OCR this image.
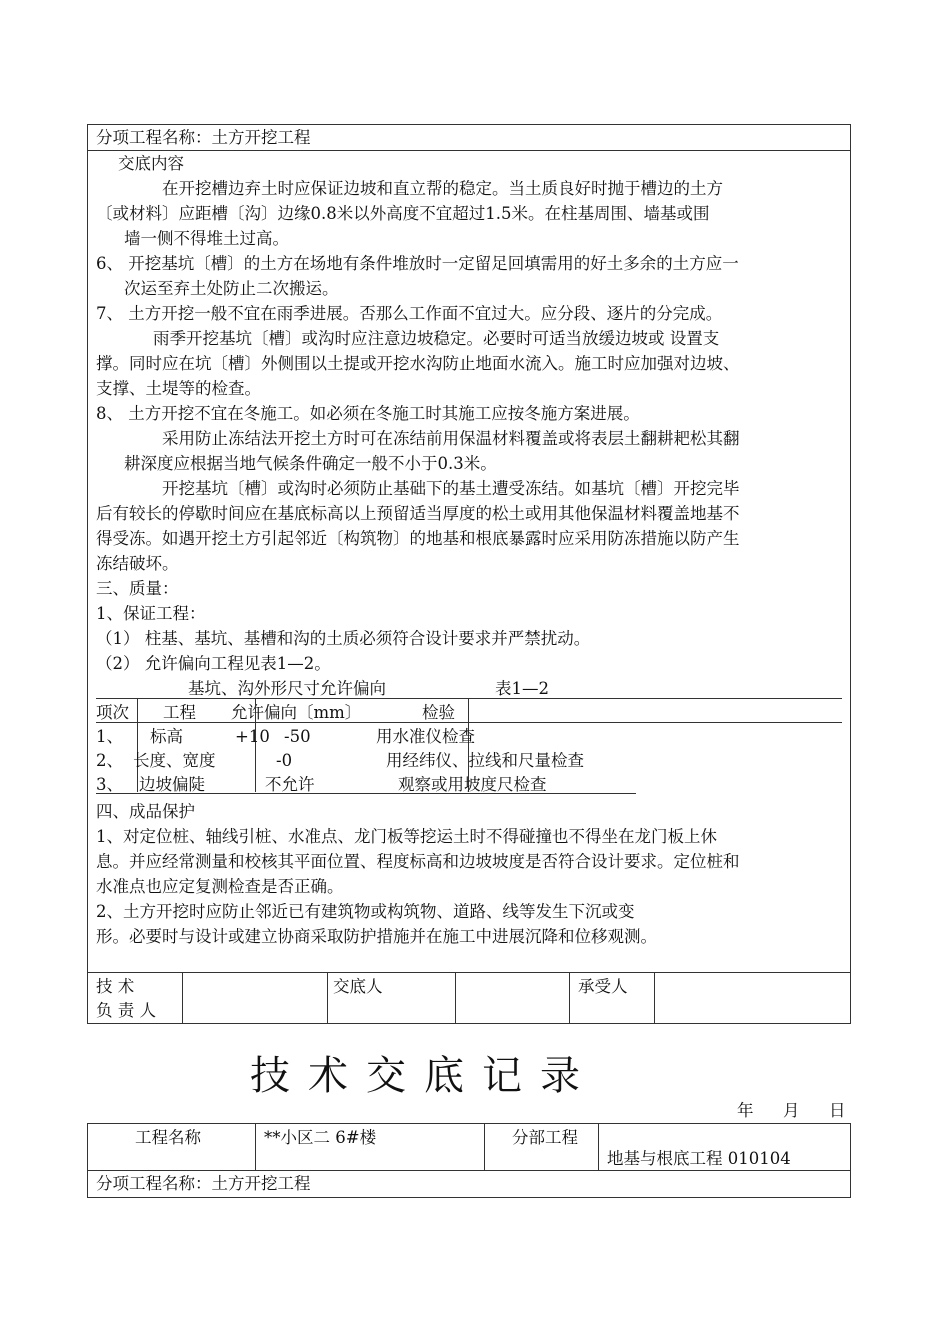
分项工程名称：土方开挖工程
交底内容
在开挖槽边弃土时应保证边坡和直立帮的稳定。当土质良好时抛于槽边的土方
〔或材料〕应距槽〔沟〕边缘0.8米以外高度不宜超过1.5米。在柱基周围、墙基或围
墙一侧不得堆土过高。
6、 开挖基坑〔槽〕的土方在场地有条件堆放时一定留足回填需用的好土多余的土方应一
次运至弃土处防止二次搬运。
7、 土方开挖一般不宜在雨季进展。否那么工作面不宜过大。应分段、逐片的分完成。
雨季开挖基坑〔槽〕或沟时应注意边坡稳定。必要时可适当放缓边坡或 设置支
撑。同时应在坑〔槽〕外侧围以土提或开挖水沟防止地面水流入。施工时应加强对边坡、
支撑、土堤等的检查。
8、 土方开挖不宜在冬施工。如必须在冬施工时其施工应按冬施方案进展。
采用防止冻结法开挖土方时可在冻结前用保温材料覆盖或将表层土翻耕耙松其翻
耕深度应根据当地气候条件确定一般不小于0.3米。
开挖基坑〔槽〕或沟时必须防止基础下的基土遭受冻结。如基坑〔槽〕开挖完毕
后有较长的停歇时间应在基底标高以上预留适当厚度的松土或用其他保温材料覆盖地基不
得受冻。如遇开挖土方引起邻近〔构筑物〕的地基和根底暴露时应采用防冻措施以防产生
冻结破坏。
三、质量：
1、保证工程：
（1） 柱基、基坑、基槽和沟的土质必须符合设计要求并严禁扰动。
（2） 允许偏向工程见表1—2。
基坑、沟外形尺寸允许偏向	表1—2
项次 工程 允许偏向〔mm〕	检验
1、 标高	+10 -50	用水准仪检查
2、 长度、宽度	-0	用经纬仪、拉线和尺量检查
3、 边坡偏陡	不允许	观察或用坡度尺检查
四、成品保护
1、对定位桩、轴线引桩、水准点、龙门板等挖运土时不得碰撞也不得坐在龙门板上休
息。并应经常测量和校核其平面位置、程度标高和边坡坡度是否符合设计要求。定位桩和
水准点也应定复测检查是否正确。
2、土方开挖时应防止邻近已有建筑物或构筑物、道路、线等发生下沉或变
形。必要时与设计或建立协商采取防护措施并在施工中进展沉降和位移观测。
技 术
负 责 人
交底人	承受人
技术交底记录
年 月 日
工程名称	**小区二 6#楼	分部工程
地基与根底工程 010104
分项工程名称：土方开挖工程
